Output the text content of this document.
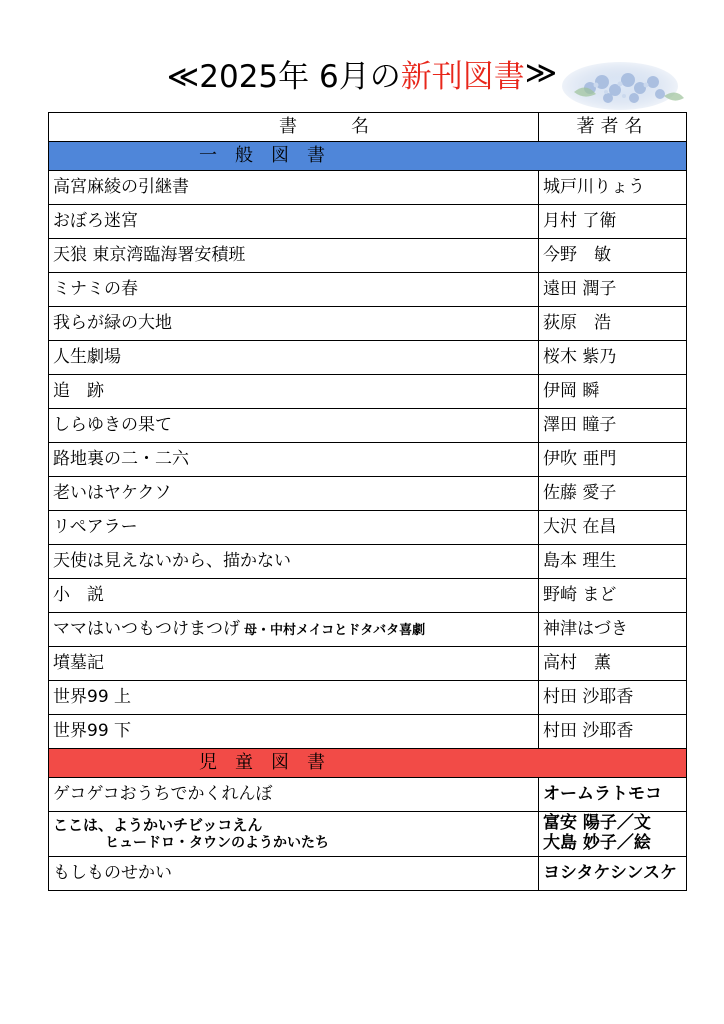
≪2025年 6月の 新刊図書 ≫
書　　　名	著者名
一　般　図　書	
高宮麻綾の引継書	城戸川りょう
おぼろ迷宮	月村 了衛
天狼 東京湾臨海署安積班	今野　敏
ミナミの春	遠田 潤子
我らが緑の大地	荻原　浩
人生劇場	桜木 紫乃
追　跡	伊岡 瞬
しらゆきの果て	澤田 瞳子
路地裏の二・二六	伊吹 亜門
老いはヤケクソ	佐藤 愛子
リペアラー	大沢 在昌
天使は見えないから、描かない	島本 理生
小　説	野崎 まど
ママはいつもつけまつげ 母・中村メイコとドタバタ喜劇	神津はづき
墳墓記	高村　薫
世界99 上	村田 沙耶香
世界99 下	村田 沙耶香
児　童　図　書	
ゲコゲコおうちでかくれんぼ	オームラトモコ

ここは、ようかいチビッコえん
ヒュードロ・タウンのようかいたち	富安 陽子／文
大島 妙子／絵

もしものせかい	ヨシタケシンスケ
